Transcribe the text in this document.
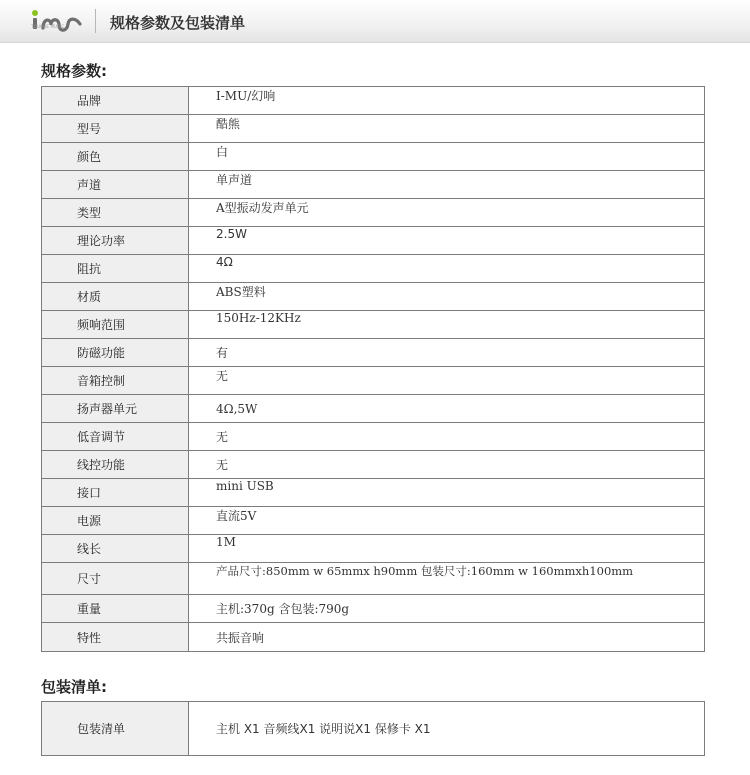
TOUCHE MUSIC	规格参数及包装清单
规格参数:
品牌	I-MU/幻响
型号	酷熊
颜色	白
声道	单声道
类型	A型振动发声单元
理论功率	2.5W
阻抗	4Ω
材质	ABS塑料
频响范围	150Hz-12KHz
防磁功能	有
音箱控制	无
扬声器单元	4Ω,5W
低音调节	无
线控功能	无
接口	mini USB
电源	直流5V
线长	1M
尺寸	产品尺寸:850mm w 65mmx h90mm 包装尺寸:160mm w 160mmxh100mm
重量	主机:370g 含包装:790g
特性	共振音响
包装清单:
包装清单	主机 X1 音频线X1 说明说X1 保修卡 X1
